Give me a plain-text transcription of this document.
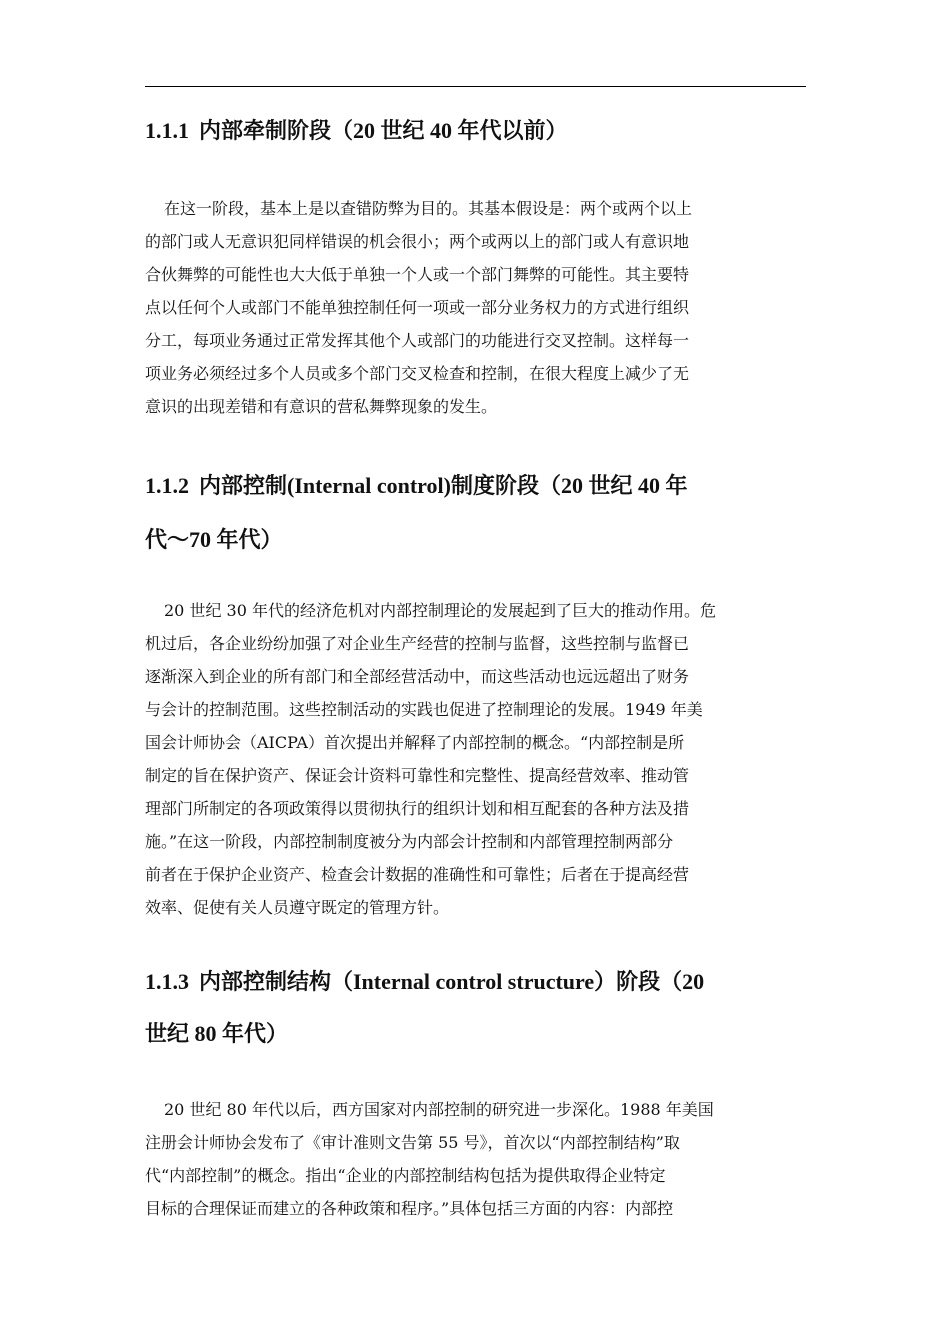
1.1.1 内部牵制阶段（20 世纪 40 年代以前）
在这一阶段，基本上是以查错防弊为目的。其基本假设是：两个或两个以上
的部门或人无意识犯同样错误的机会很小；两个或两以上的部门或人有意识地
合伙舞弊的可能性也大大低于单独一个人或一个部门舞弊的可能性。其主要特
点以任何个人或部门不能单独控制任何一项或一部分业务权力的方式进行组织
分工，每项业务通过正常发挥其他个人或部门的功能进行交叉控制。这样每一
项业务必须经过多个人员或多个部门交叉检查和控制，在很大程度上减少了无
意识的出现差错和有意识的营私舞弊现象的发生。
1.1.2 内部控制(Internal control)制度阶段（20 世纪 40 年
代～70 年代）
20 世纪 30 年代的经济危机对内部控制理论的发展起到了巨大的推动作用。危
机过后，各企业纷纷加强了对企业生产经营的控制与监督，这些控制与监督已
逐渐深入到企业的所有部门和全部经营活动中，而这些活动也远远超出了财务
与会计的控制范围。这些控制活动的实践也促进了控制理论的发展。1949 年美
国会计师协会（AICPA）首次提出并解释了内部控制的概念。“内部控制是所
制定的旨在保护资产、保证会计资料可靠性和完整性、提高经营效率、推动管
理部门所制定的各项政策得以贯彻执行的组织计划和相互配套的各种方法及措
施。”在这一阶段，内部控制制度被分为内部会计控制和内部管理控制两部分
前者在于保护企业资产、检查会计数据的准确性和可靠性；后者在于提高经营
效率、促使有关人员遵守既定的管理方针。
1.1.3 内部控制结构（Internal control structure）阶段（20
世纪 80 年代）
20 世纪 80 年代以后，西方国家对内部控制的研究进一步深化。1988 年美国
注册会计师协会发布了《审计准则文告第 55 号》，首次以“内部控制结构”取
代“内部控制”的概念。指出“企业的内部控制结构包括为提供取得企业特定
目标的合理保证而建立的各种政策和程序。”具体包括三方面的内容：内部控
